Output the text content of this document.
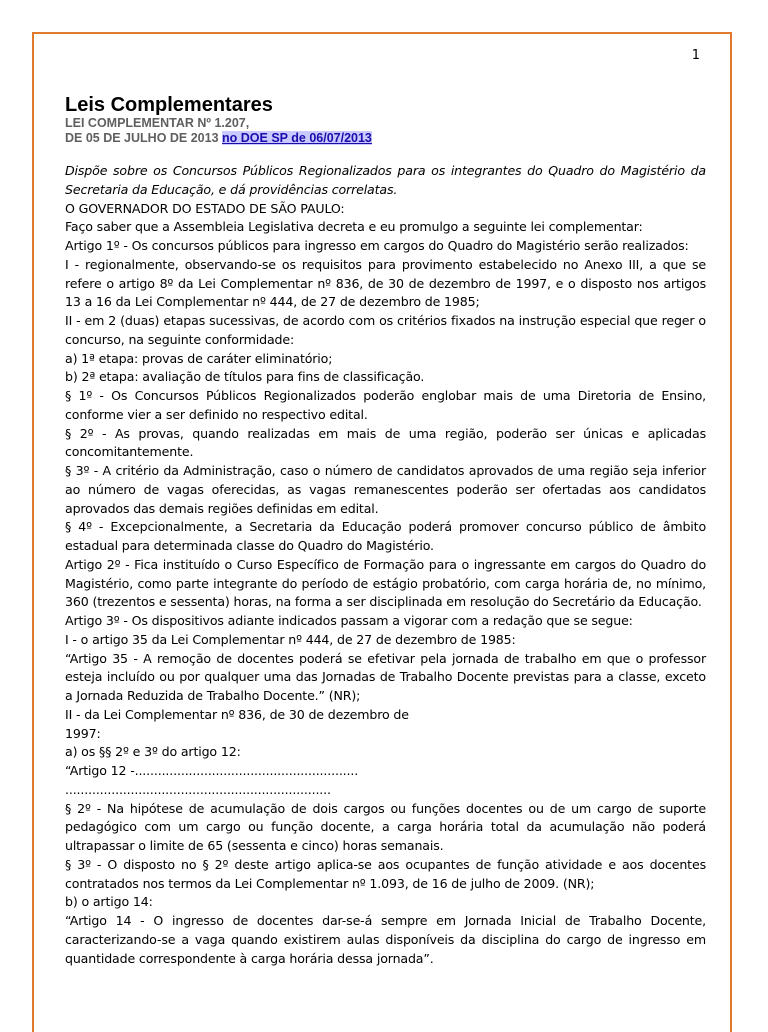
1
Leis Complementares
LEI COMPLEMENTAR Nº 1.207,
DE 05 DE JULHO DE 2013 no DOE SP de 06/07/2013

Dispõe sobre os Concursos Públicos Regionalizados para os integrantes do Quadro do Magistério da Secretaria da Educação, e dá providências correlatas.

O GOVERNADOR DO ESTADO DE SÃO PAULO:

Faço saber que a Assembleia Legislativa decreta e eu promulgo a seguinte lei complementar:

Artigo 1º - Os concursos públicos para ingresso em cargos do Quadro do Magistério serão realizados:

I - regionalmente, observando-se os requisitos para provimento estabelecido no Anexo III, a que se refere o artigo 8º da Lei Complementar nº 836, de 30 de dezembro de 1997, e o disposto nos artigos 13 a 16 da Lei Complementar nº 444, de 27 de dezembro de 1985;

II - em 2 (duas) etapas sucessivas, de acordo com os critérios fixados na instrução especial que reger o concurso, na seguinte conformidade:

a) 1ª etapa: provas de caráter eliminatório;

b) 2ª etapa: avaliação de títulos para fins de classificação.

§ 1º - Os Concursos Públicos Regionalizados poderão englobar mais de uma Diretoria de Ensino, conforme vier a ser definido no respectivo edital.

§ 2º - As provas, quando realizadas em mais de uma região, poderão ser únicas e aplicadas concomitantemente.

§ 3º - A critério da Administração, caso o número de candidatos aprovados de uma região seja inferior ao número de vagas oferecidas, as vagas remanescentes poderão ser ofertadas aos candidatos aprovados das demais regiões definidas em edital.

§ 4º - Excepcionalmente, a Secretaria da Educação poderá promover concurso público de âmbito estadual para determinada classe do Quadro do Magistério.

Artigo 2º - Fica instituído o Curso Específico de Formação para o ingressante em cargos do Quadro do Magistério, como parte integrante do período de estágio probatório, com carga horária de, no mínimo, 360 (trezentos e sessenta) horas, na forma a ser disciplinada em resolução do Secretário da Educação.

Artigo 3º - Os dispositivos adiante indicados passam a vigorar com a redação que se segue:

I - o artigo 35 da Lei Complementar nº 444, de 27 de dezembro de 1985:

“Artigo 35 - A remoção de docentes poderá se efetivar pela jornada de trabalho em que o professor esteja incluído ou por qualquer uma das Jornadas de Trabalho Docente previstas para a classe, exceto a Jornada Reduzida de Trabalho Docente.” (NR);

II - da Lei Complementar nº 836, de 30 de dezembro de

1997:

a) os §§ 2º e 3º do artigo 12:

“Artigo 12 -..........................................................

.....................................................................

§ 2º - Na hipótese de acumulação de dois cargos ou funções docentes ou de um cargo de suporte pedagógico com um cargo ou função docente, a carga horária total da acumulação não poderá ultrapassar o limite de 65 (sessenta e cinco) horas semanais.

§ 3º - O disposto no § 2º deste artigo aplica-se aos ocupantes de função atividade e aos docentes contratados nos termos da Lei Complementar nº 1.093, de 16 de julho de 2009. (NR);

b) o artigo 14:

“Artigo 14 - O ingresso de docentes dar-se-á sempre em Jornada Inicial de Trabalho Docente, caracterizando-se a vaga quando existirem aulas disponíveis da disciplina do cargo de ingresso em quantidade correspondente à carga horária dessa jornada”.
